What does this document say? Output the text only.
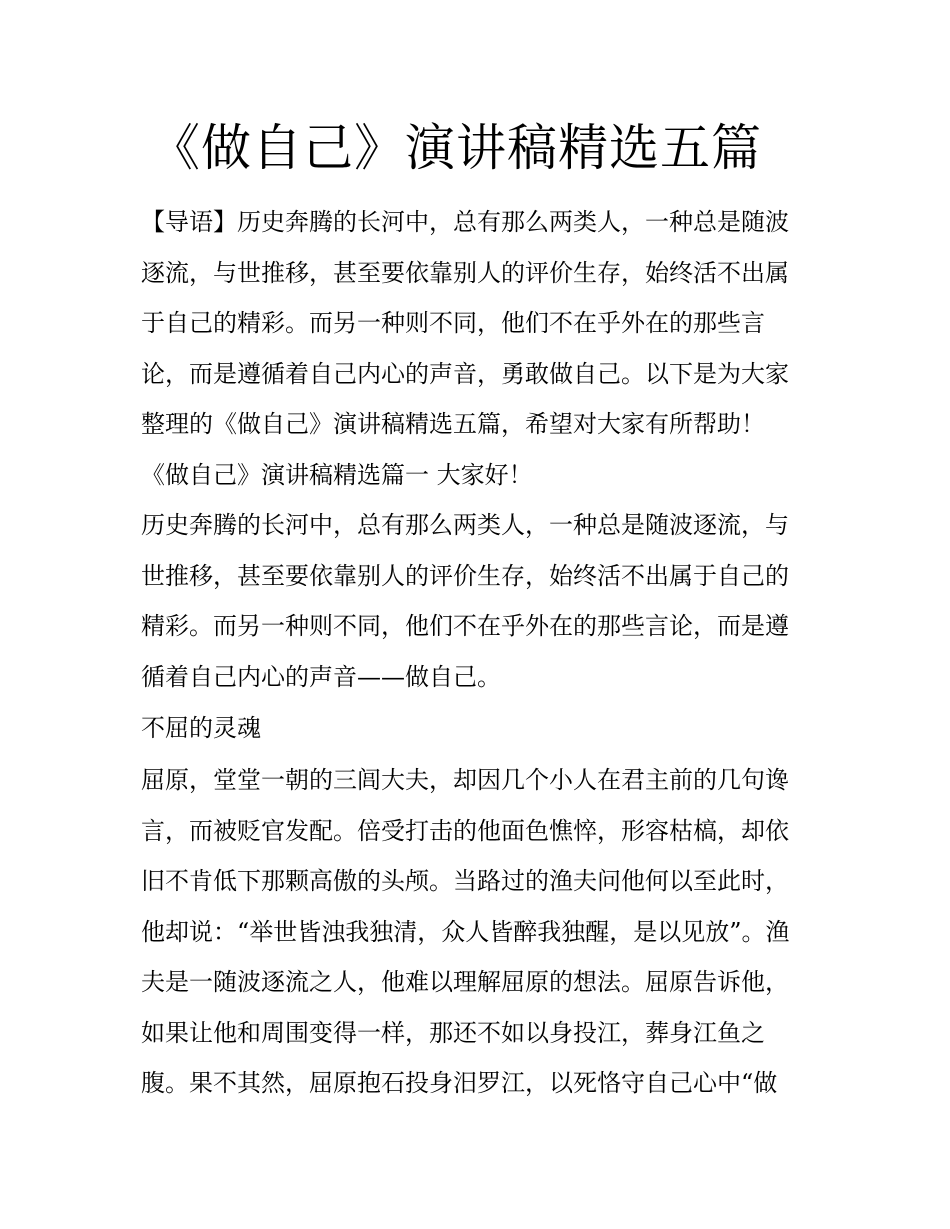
《做自己》演讲稿精选五篇

【导语】历史奔腾的长河中，总有那么两类人，一种总是随波

逐流，与世推移，甚至要依靠别人的评价生存，始终活不出属

于自己的精彩。而另一种则不同，他们不在乎外在的那些言

论，而是遵循着自己内心的声音，勇敢做自己。以下是为大家

整理的《做自己》演讲稿精选五篇，希望对大家有所帮助！

《做自己》演讲稿精选篇一 大家好！

历史奔腾的长河中，总有那么两类人，一种总是随波逐流，与

世推移，甚至要依靠别人的评价生存，始终活不出属于自己的

精彩。而另一种则不同，他们不在乎外在的那些言论，而是遵

循着自己内心的声音——做自己。

不屈的灵魂

屈原，堂堂一朝的三闾大夫，却因几个小人在君主前的几句谗

言，而被贬官发配。倍受打击的他面色憔悴，形容枯槁，却依

旧不肯低下那颗高傲的头颅。当路过的渔夫问他何以至此时，

他却说：“举世皆浊我独清，众人皆醉我独醒，是以见放”。渔

夫是一随波逐流之人，他难以理解屈原的想法。屈原告诉他，

如果让他和周围变得一样，那还不如以身投江，葬身江鱼之

腹。果不其然，屈原抱石投身汨罗江，以死恪守自己心中“做
